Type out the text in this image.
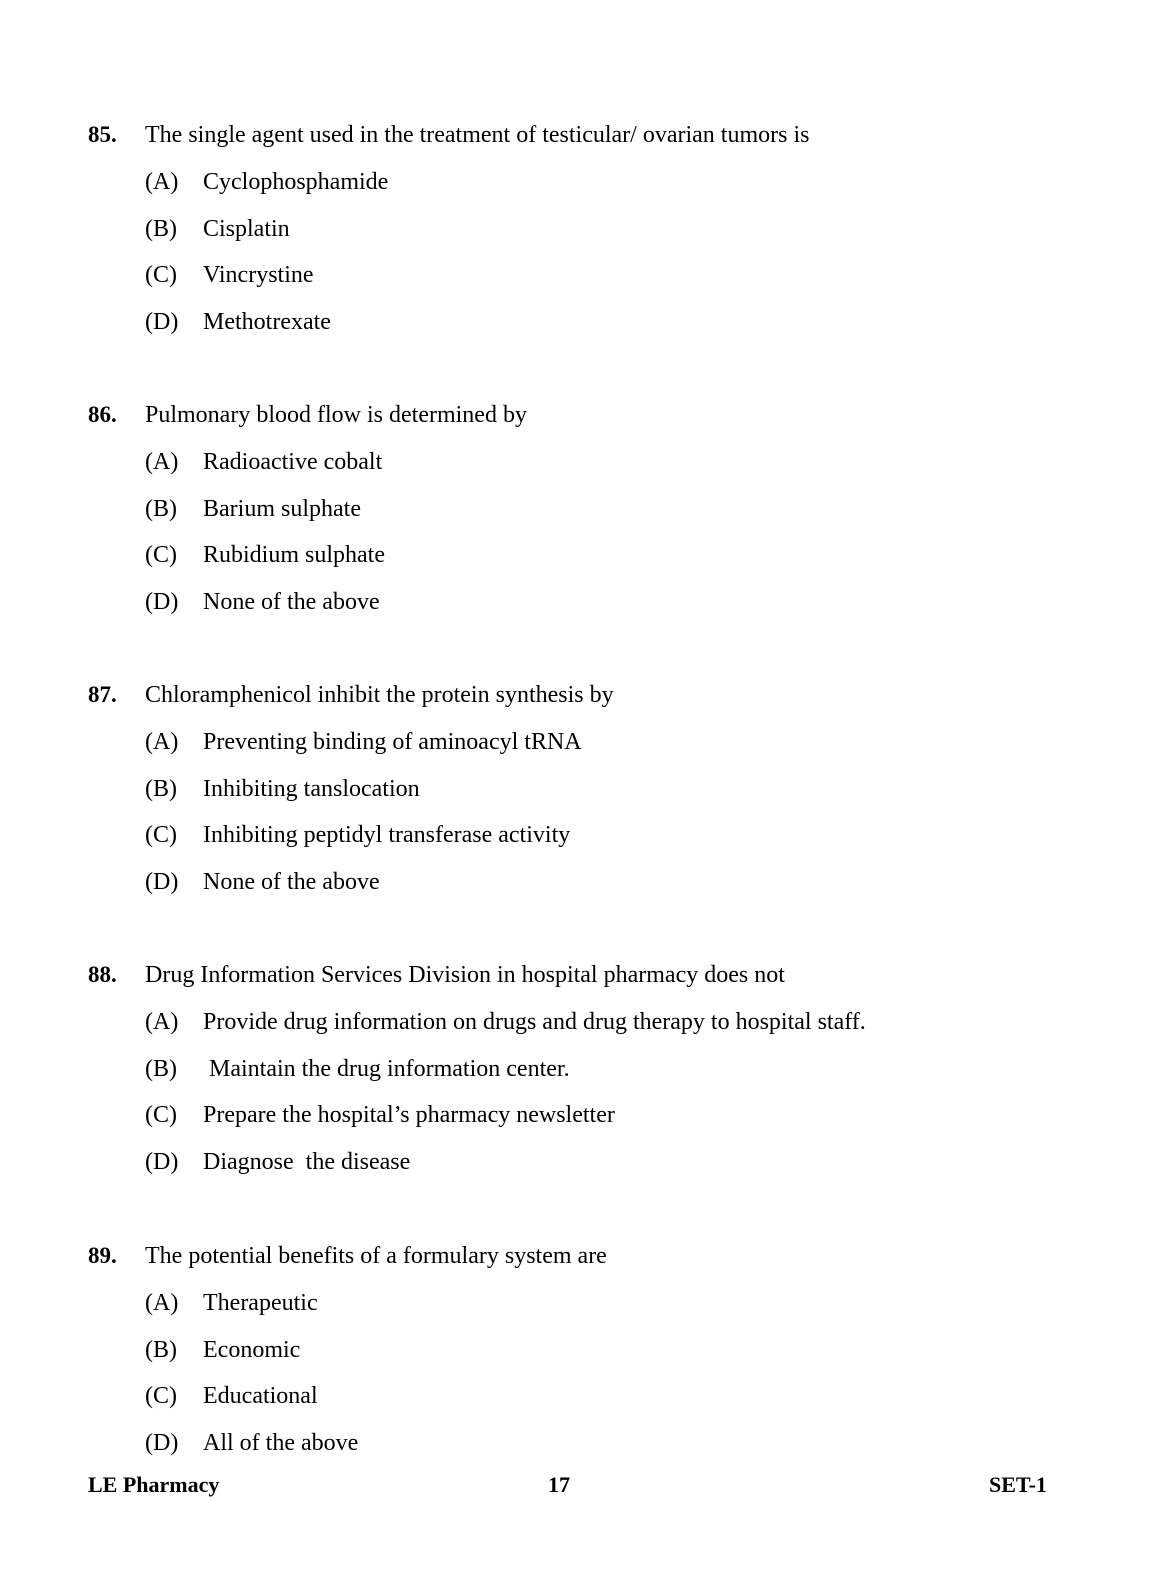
85. The single agent used in the treatment of testicular/ ovarian tumors is
(A) Cyclophosphamide
(B) Cisplatin
(C) Vincrystine
(D) Methotrexate
86. Pulmonary blood flow is determined by
(A) Radioactive cobalt
(B) Barium sulphate
(C) Rubidium sulphate
(D) None of the above
87. Chloramphenicol inhibit the protein synthesis by
(A) Preventing binding of aminoacyl tRNA
(B) Inhibiting tanslocation
(C) Inhibiting peptidyl transferase activity
(D) None of the above
88. Drug Information Services Division in hospital pharmacy does not
(A) Provide drug information on drugs and drug therapy to hospital staff.
(B) Maintain the drug information center.
(C) Prepare the hospital’s pharmacy newsletter
(D) Diagnose  the disease
89. The potential benefits of a formulary system are
(A) Therapeutic
(B) Economic
(C) Educational
(D) All of the above
LE Pharmacy	17	SET-1
